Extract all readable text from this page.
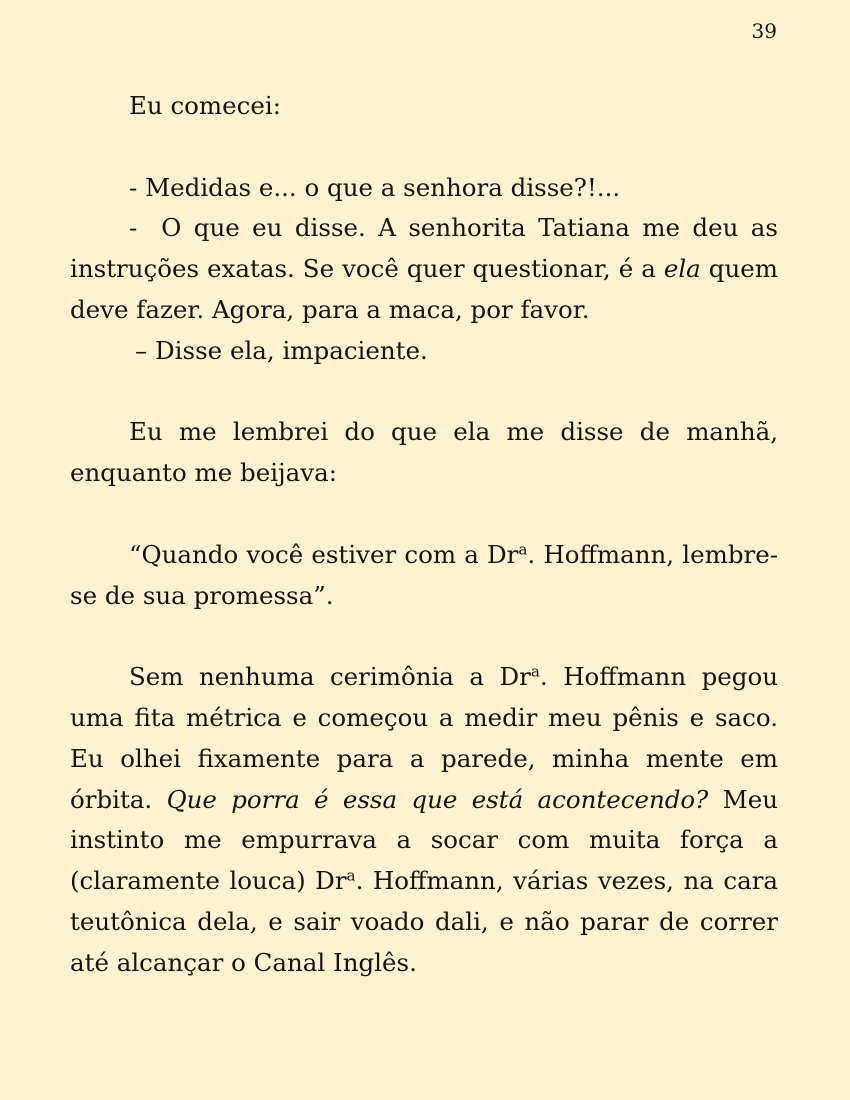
39

Eu comecei:

- Medidas e... o que a senhora disse?!...

- O que eu disse. A senhorita Tatiana me deu as instruções exatas. Se você quer questionar, é a ela quem deve fazer. Agora, para a maca, por favor.

– Disse ela, impaciente.

Eu me lembrei do que ela me disse de manhã, enquanto me beijava:

“Quando você estiver com a Dr$^a$. Hoffmann, lembre-se de sua promessa”.

Sem nenhuma cerimônia a Dr$^a$. Hoffmann pegou uma fita métrica e começou a medir meu pênis e saco. Eu olhei fixamente para a parede, minha mente em órbita. Que porra é essa que está acontecendo? Meu instinto me empurrava a socar com muita força a (claramente louca) Dr$^a$. Hoffmann, várias vezes, na cara teutônica dela, e sair voado dali, e não parar de correr até alcançar o Canal Inglês.
